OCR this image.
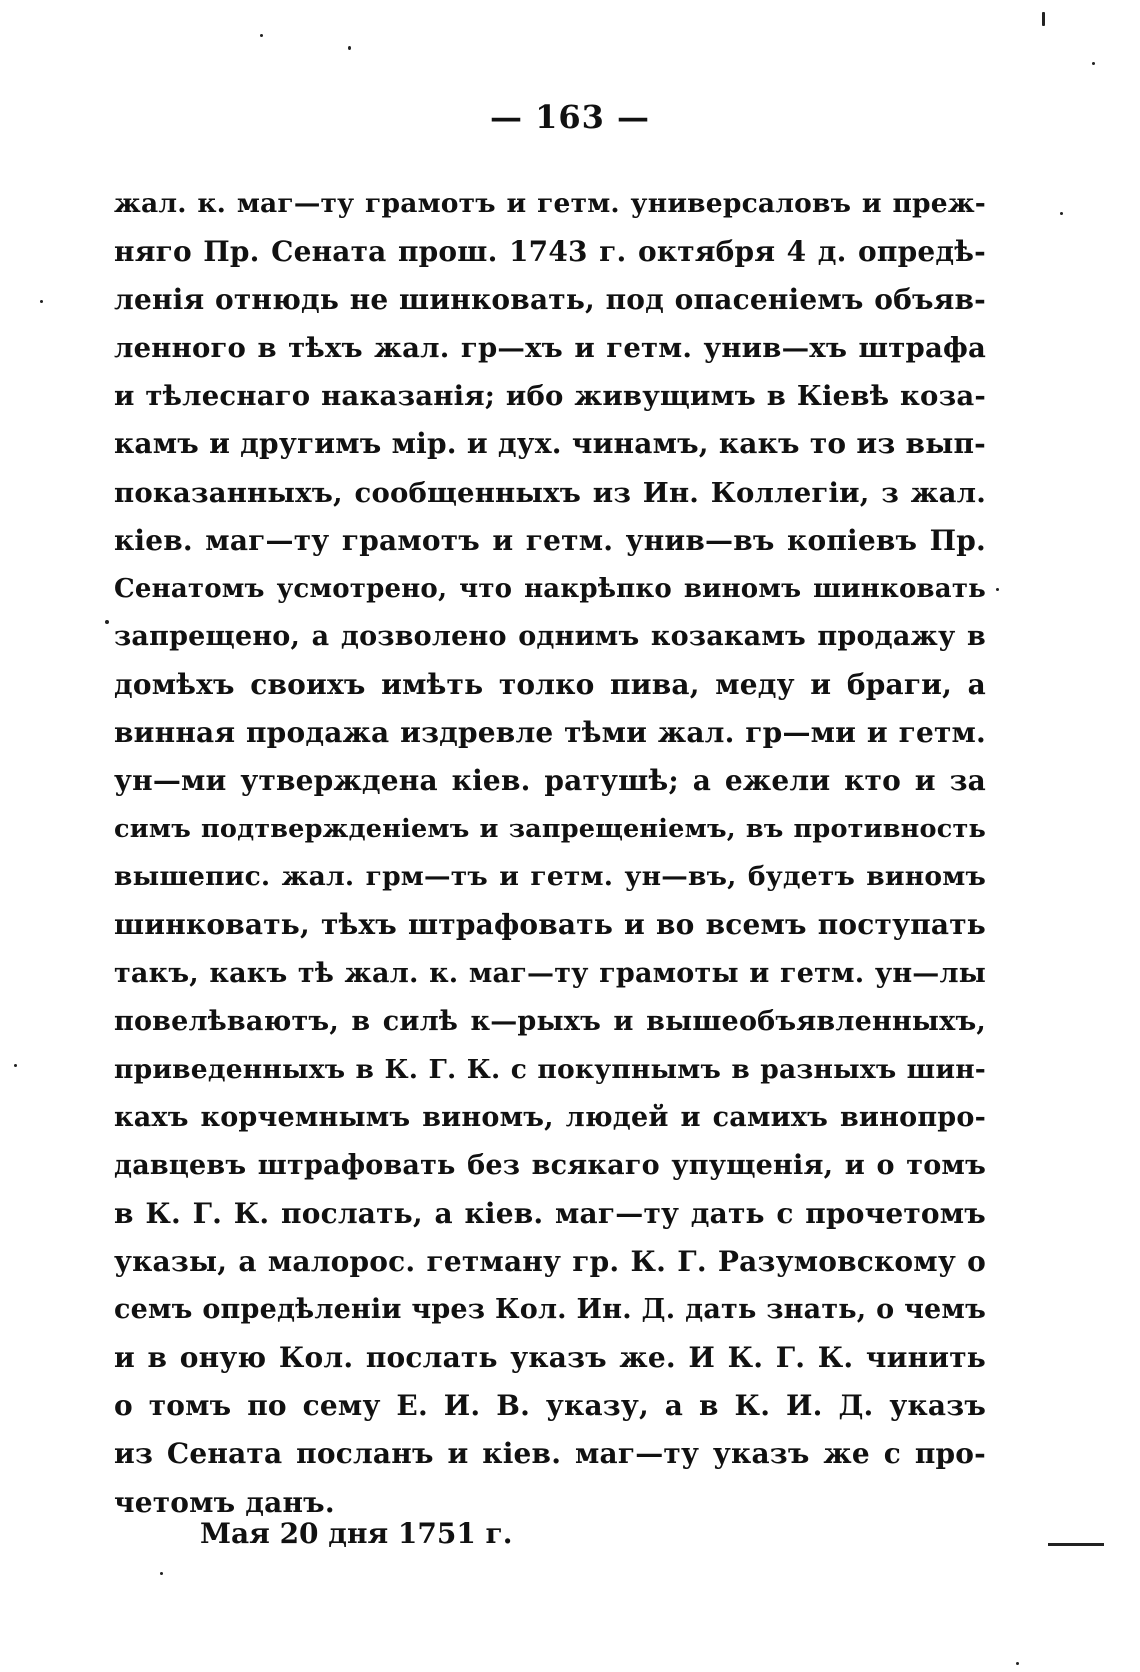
— 163 —
жал. к. маг—ту грамотъ и гетм. универсаловъ и преж-
няго Пр. Сената прош. 1743 г. октября 4 д. опредѣ-
ленія отнюдь не шинковать, под опасеніемъ объяв-
ленного в тѣхъ жал. гр—хъ и гетм. унив—хъ штрафа
и тѣлеснаго наказанія; ибо живущимъ в Кіевѣ коза-
камъ и другимъ мір. и дух. чинамъ, какъ то из вып-
показанныхъ, сообщенныхъ из Ин. Коллегіи, з жал.
кіев. маг—ту грамотъ и гетм. унив—въ копіевъ Пр.
Сенатомъ усмотрено, что накрѣпко виномъ шинковать
запрещено, а дозволено однимъ козакамъ продажу в
домѣхъ своихъ имѣть толко пива, меду и браги, а
винная продажа издревле тѣми жал. гр—ми и гетм.
ун—ми утверждена кіев. ратушѣ; а ежели кто и за
симъ подтвержденіемъ и запрещеніемъ, въ противность
вышепис. жал. грм—тъ и гетм. ун—въ, будетъ виномъ
шинковать, тѣхъ штрафовать и во всемъ поступать
такъ, какъ тѣ жал. к. маг—ту грамоты и гетм. ун—лы
повелѣваютъ, в силѣ к—рыхъ и вышеобъявленныхъ,
приведенныхъ в К. Г. К. с покупнымъ в разныхъ шин-
кахъ корчемнымъ виномъ, людей и самихъ винопро-
давцевъ штрафовать без всякаго упущенія, и о томъ
в К. Г. К. послать, а кіев. маг—ту дать с прочетомъ
указы, а малорос. гетману гр. К. Г. Разумовскому о
семъ опредѣленіи чрез Кол. Ин. Д. дать знать, о чемъ
и в оную Кол. послать указъ же. И К. Г. К. чинить
о томъ по сему Е. И. В. указу, а в К. И. Д. указъ
из Сената посланъ и кіев. маг—ту указъ же с про-
четомъ данъ.
Мая 20 дня 1751 г.
